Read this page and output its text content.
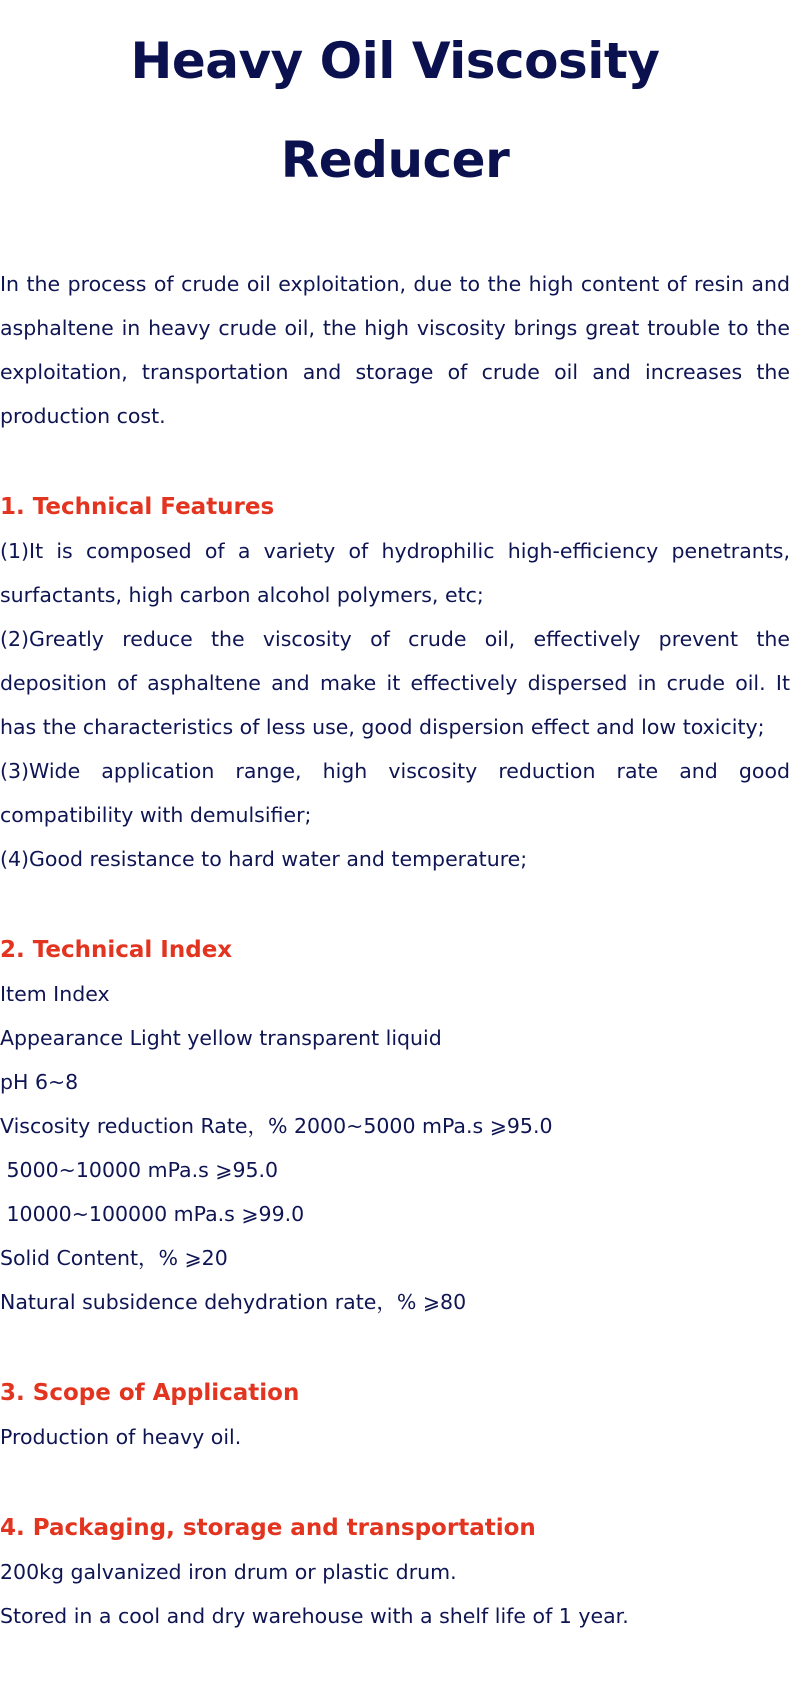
Heavy Oil Viscosity Reducer

In the process of crude oil exploitation, due to the high content of resin and asphaltene in heavy crude oil, the high viscosity brings great trouble to the exploitation, transportation and storage of crude oil and increases the production cost.

1. Technical Features

(1)It is composed of a variety of hydrophilic high-efficiency penetrants, surfactants, high carbon alcohol polymers, etc;

(2)Greatly reduce the viscosity of crude oil, effectively prevent the deposition of asphaltene and make it effectively dispersed in crude oil. It has the characteristics of less use, good dispersion effect and low toxicity;

(3)Wide application range, high viscosity reduction rate and good compatibility with demulsifier;

(4)Good resistance to hard water and temperature;

2. Technical Index

Item Index

Appearance Light yellow transparent liquid

pH 6~8

Viscosity reduction Rate，% 2000~5000 mPa.s ⩾95.0

5000~10000 mPa.s ⩾95.0

10000~100000 mPa.s ⩾99.0

Solid Content，% ⩾20

Natural subsidence dehydration rate，% ⩾80

3. Scope of Application

Production of heavy oil.

4. Packaging, storage and transportation

200kg galvanized iron drum or plastic drum.

Stored in a cool and dry warehouse with a shelf life of 1 year.
